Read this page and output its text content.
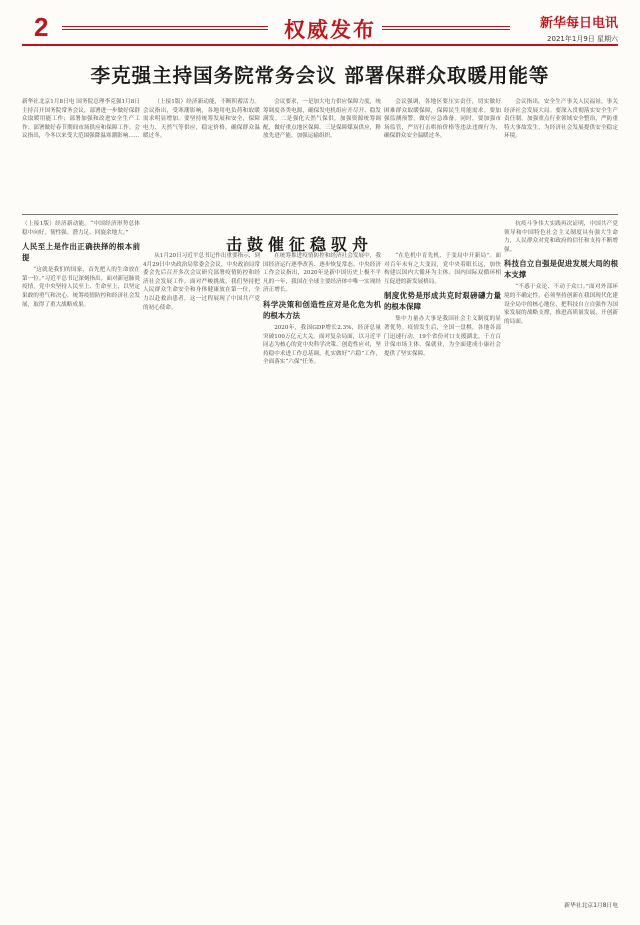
2	权威发布	新华每日电讯
2021年1月9日 星期六
李克强主持国务院常务会议 部署保群众取暖用能等

新华社北京1月8日电 国务院总理李克强1月8日主持召开国务院常务会议，部署进一步做好保群众取暖用能工作；部署加强和改进安全生产工作；部署做好春节期间市场供应和保障工作。会议指出，今冬以来受大范围强降温寒潮影响……

（上接1版）经济新动能，不断积蓄活力。会议指出，受寒潮影响，各地用电负荷和取暖需求明显增加。要坚持统筹发展和安全，保障电力、天然气等供应，稳定价格，确保群众温暖过冬。

会议要求，一是加大电力供应保障力度，统筹调度各类电源，确保发电机组应开尽开、稳发满发。二是强化天然气保供，加强资源统筹调配，做好重点地区保障。三是保障煤炭供应，释放先进产能，加强运输组织。

会议强调，各地区要压实责任，切实做好困难群众取暖保障，保障民生用能需求。要加强监测预警，做好应急准备。同时，要加强市场监管，严厉打击哄抬价格等违法违规行为，确保群众安全温暖过冬。

会议指出，安全生产事关人民福祉，事关经济社会发展大局。要深入贯彻落实安全生产责任制，加强重点行业领域安全整治，严防重特大事故发生，为经济社会发展提供安全稳定环境。

击鼓催征稳驭舟

（上接1版）经济新动能。“中国经济形势总体稳中向好，韧性强、潜力足、回旋余地大。”

人民至上是作出正确抉择的根本前提

“这就是我们的国家，首先把人的生命放在第一位。”习近平总书记深刻指出。面对新冠肺炎疫情，党中央坚持人民至上、生命至上，以坚定果敢的勇气和决心，统筹疫情防控和经济社会发展，取得了重大战略成果。

从1月20日习近平总书记作出重要指示，到4月29日中央政治局常委会会议，中央政治局常委会先后召开多次会议研究部署疫情防控和经济社会发展工作。面对严峻挑战，我们坚持把人民群众生命安全和身体健康放在第一位，全力以赴救治患者，这一过程展现了中国共产党的初心使命。

在统筹推进疫情防控和经济社会发展中，我国经济运行逐季改善、逐步恢复常态。中央经济工作会议指出，2020年是新中国历史上极不平凡的一年，我国在全球主要经济体中唯一实现经济正增长。

科学决策和创造性应对是化危为机的根本方法

2020年，我国GDP增长2.3%，经济总量突破100万亿元大关。面对复杂局面，以习近平同志为核心的党中央科学决策、创造性应对，坚持稳中求进工作总基调，扎实做好“六稳”工作，全面落实“六保”任务。

“在危机中育先机、于变局中开新局”。面对百年未有之大变局，党中央着眼长远，加快构建以国内大循环为主体、国内国际双循环相互促进的新发展格局。

制度优势是形成共克时艰磅礴力量的根本保障

集中力量办大事是我国社会主义制度的显著优势。疫情发生后，全国一盘棋，各地各部门迅速行动，19个省份对口支援湖北，千方百计保市场主体、保就业，为全面建成小康社会提供了坚实保障。

抗疫斗争伟大实践再次证明，中国共产党领导和中国特色社会主义制度具有强大生命力，人民群众对党和政府的信任和支持不断增强。

科技自立自强是促进发展大局的根本支撑

“不惑于众论、不动于众口。”面对外部环境的不确定性，必须坚持创新在我国现代化建设全局中的核心地位，把科技自立自强作为国家发展的战略支撑，推进高质量发展，开创新的局面。

新华社北京1月8日电
